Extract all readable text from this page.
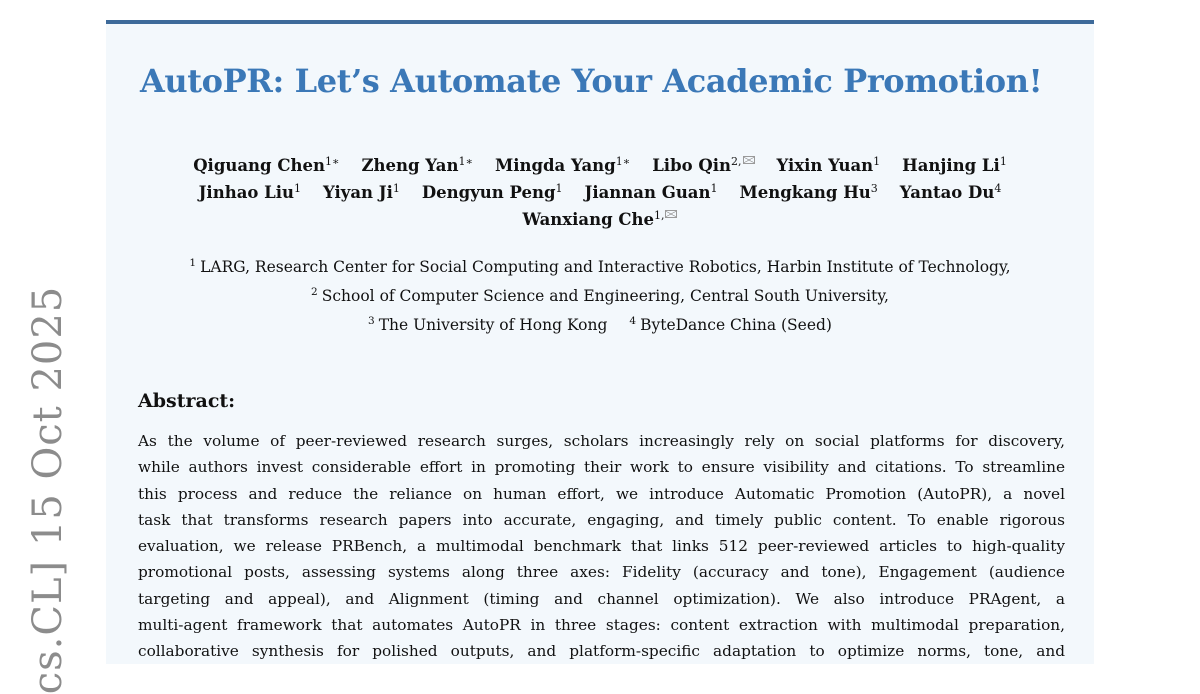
cs.CL] 15 Oct 2025
AutoPR: Let’s Automate Your Academic Promotion!
Qiguang Chen$^{1∗}$ Zheng Yan$^{1∗}$ Mingda Yang$^{1∗}$ Libo Qin$^{2,}$ Yixin Yuan$^1$ Hanjing Li$^1$
Jinhao Liu$^1$ Yiyan Ji$^1$ Dengyun Peng$^1$ Jiannan Guan$^1$ Mengkang Hu$^3$ Yantao Du$^4$
Wanxiang Che$^{1,}$
$^1$ LARG, Research Center for Social Computing and Interactive Robotics, Harbin Institute of Technology,
$^2$ School of Computer Science and Engineering, Central South University,
$^3$ The University of Hong Kong $^4$ ByteDance China (Seed)
Abstract:
As the volume of peer-reviewed research surges, scholars increasingly rely on social platforms for discovery,
while authors invest considerable effort in promoting their work to ensure visibility and citations. To streamline
this process and reduce the reliance on human effort, we introduce Automatic Promotion (AutoPR), a novel
task that transforms research papers into accurate, engaging, and timely public content. To enable rigorous
evaluation, we release PRBench, a multimodal benchmark that links 512 peer-reviewed articles to high-quality
promotional posts, assessing systems along three axes: Fidelity (accuracy and tone), Engagement (audience
targeting and appeal), and Alignment (timing and channel optimization). We also introduce PRAgent, a
multi-agent framework that automates AutoPR in three stages: content extraction with multimodal preparation,
collaborative synthesis for polished outputs, and platform-specific adaptation to optimize norms, tone, and
